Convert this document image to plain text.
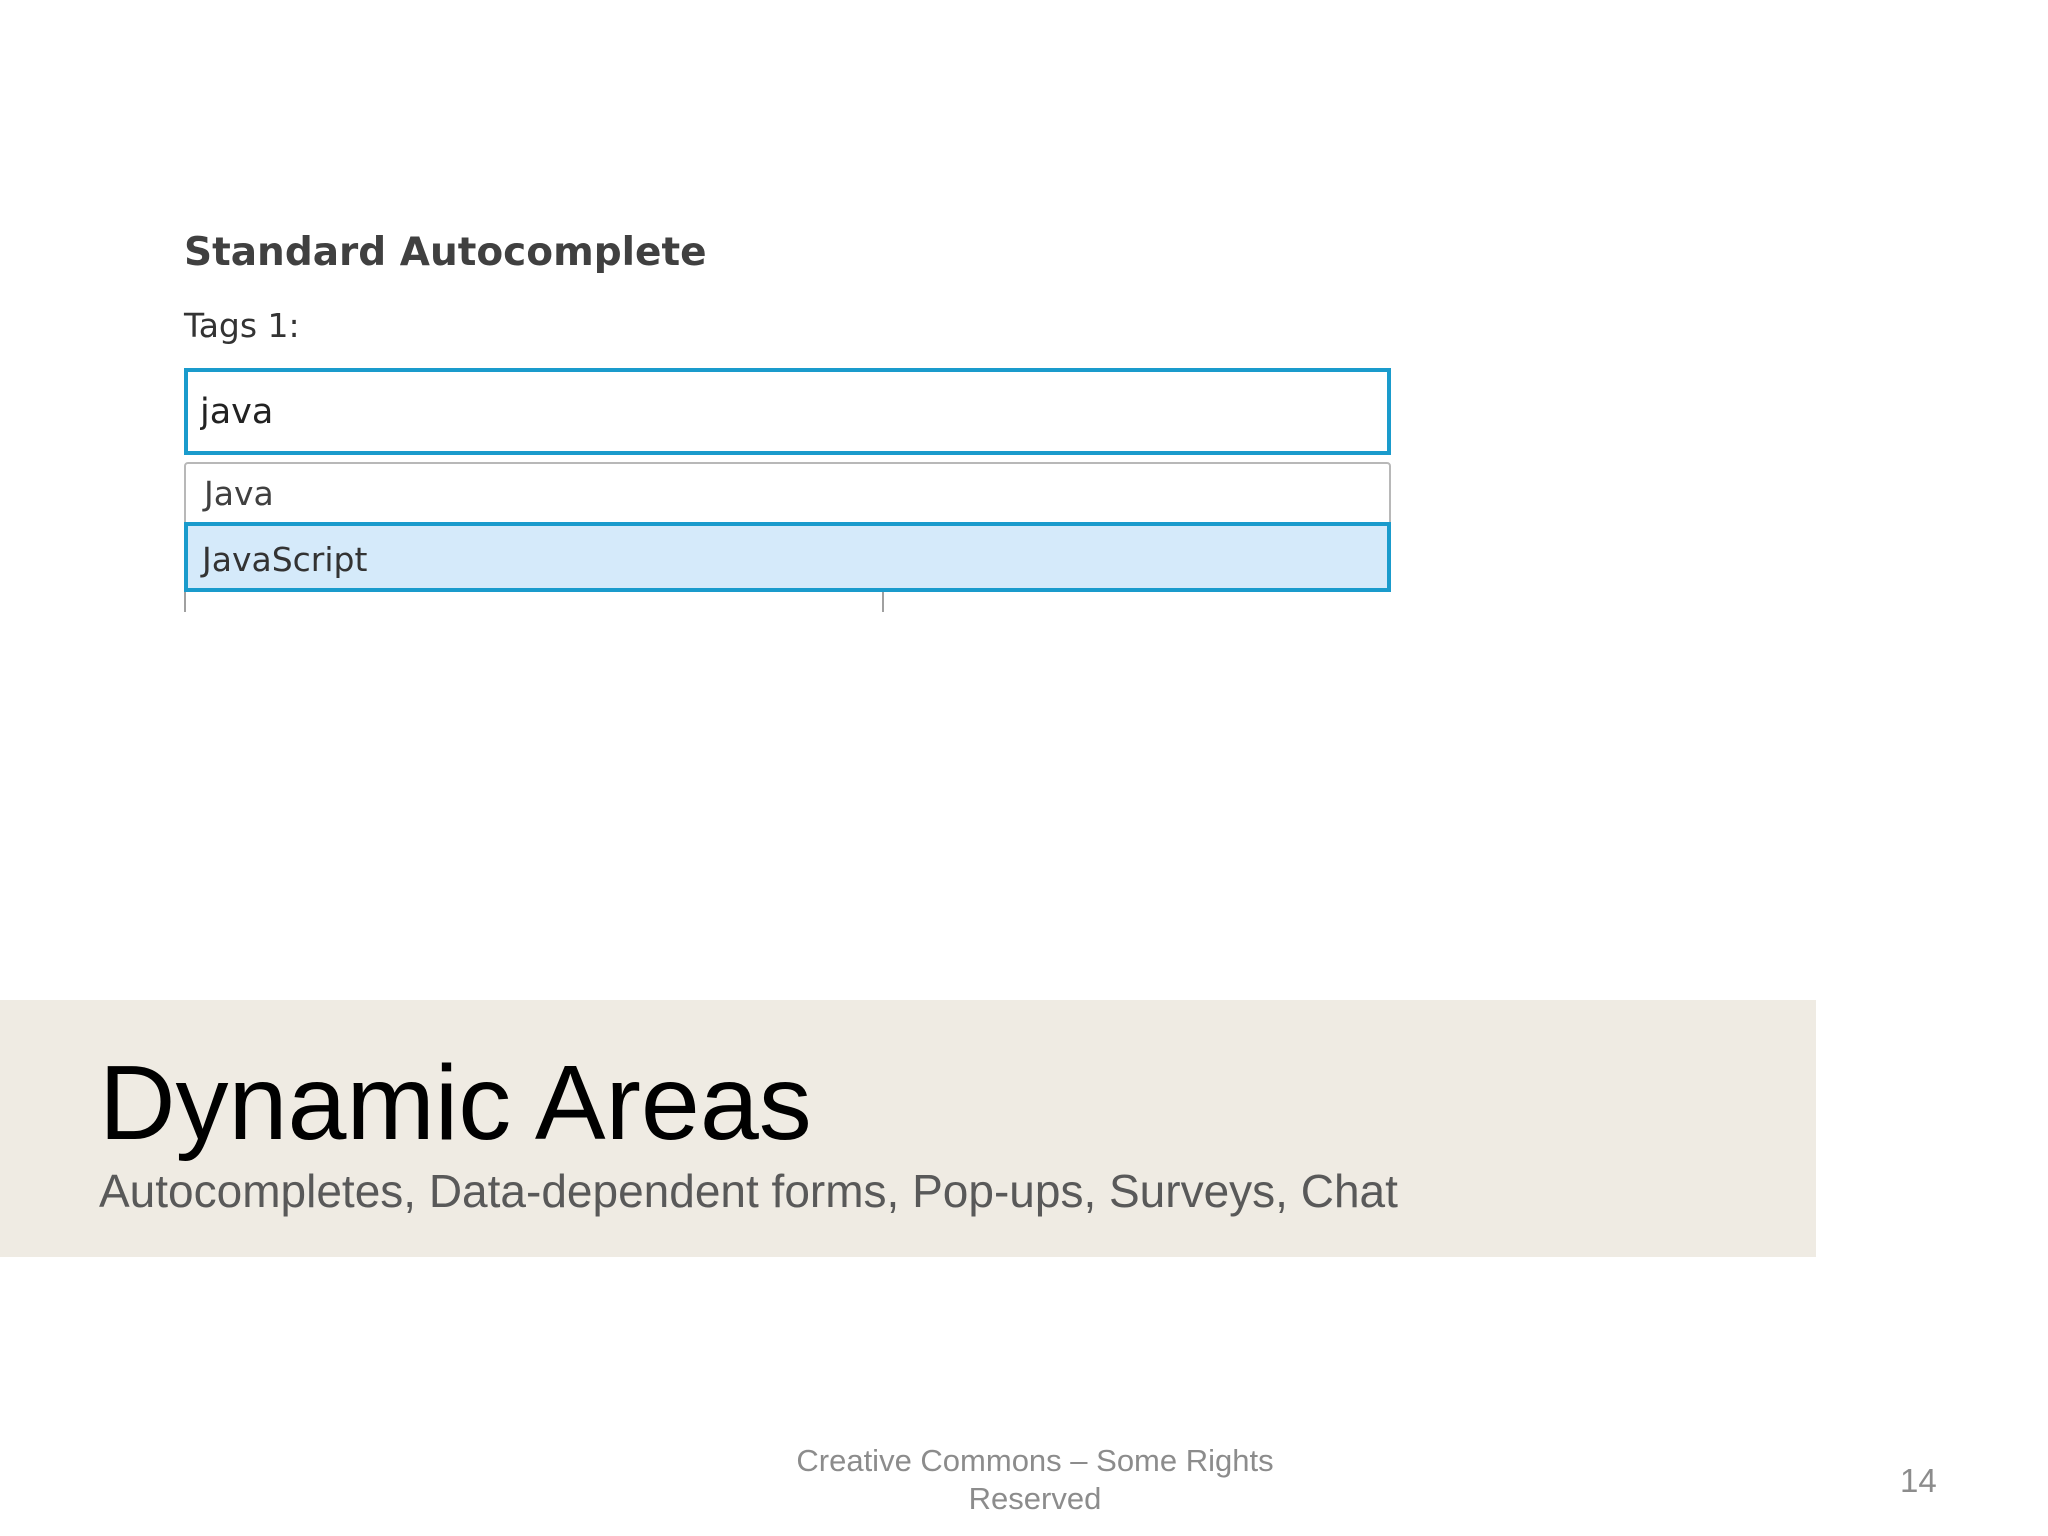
Standard Autocomplete
Tags 1:
java
Java
JavaScript
Dynamic Areas
Autocompletes, Data-dependent forms, Pop-ups, Surveys, Chat
Creative Commons – Some Rights Reserved	14
